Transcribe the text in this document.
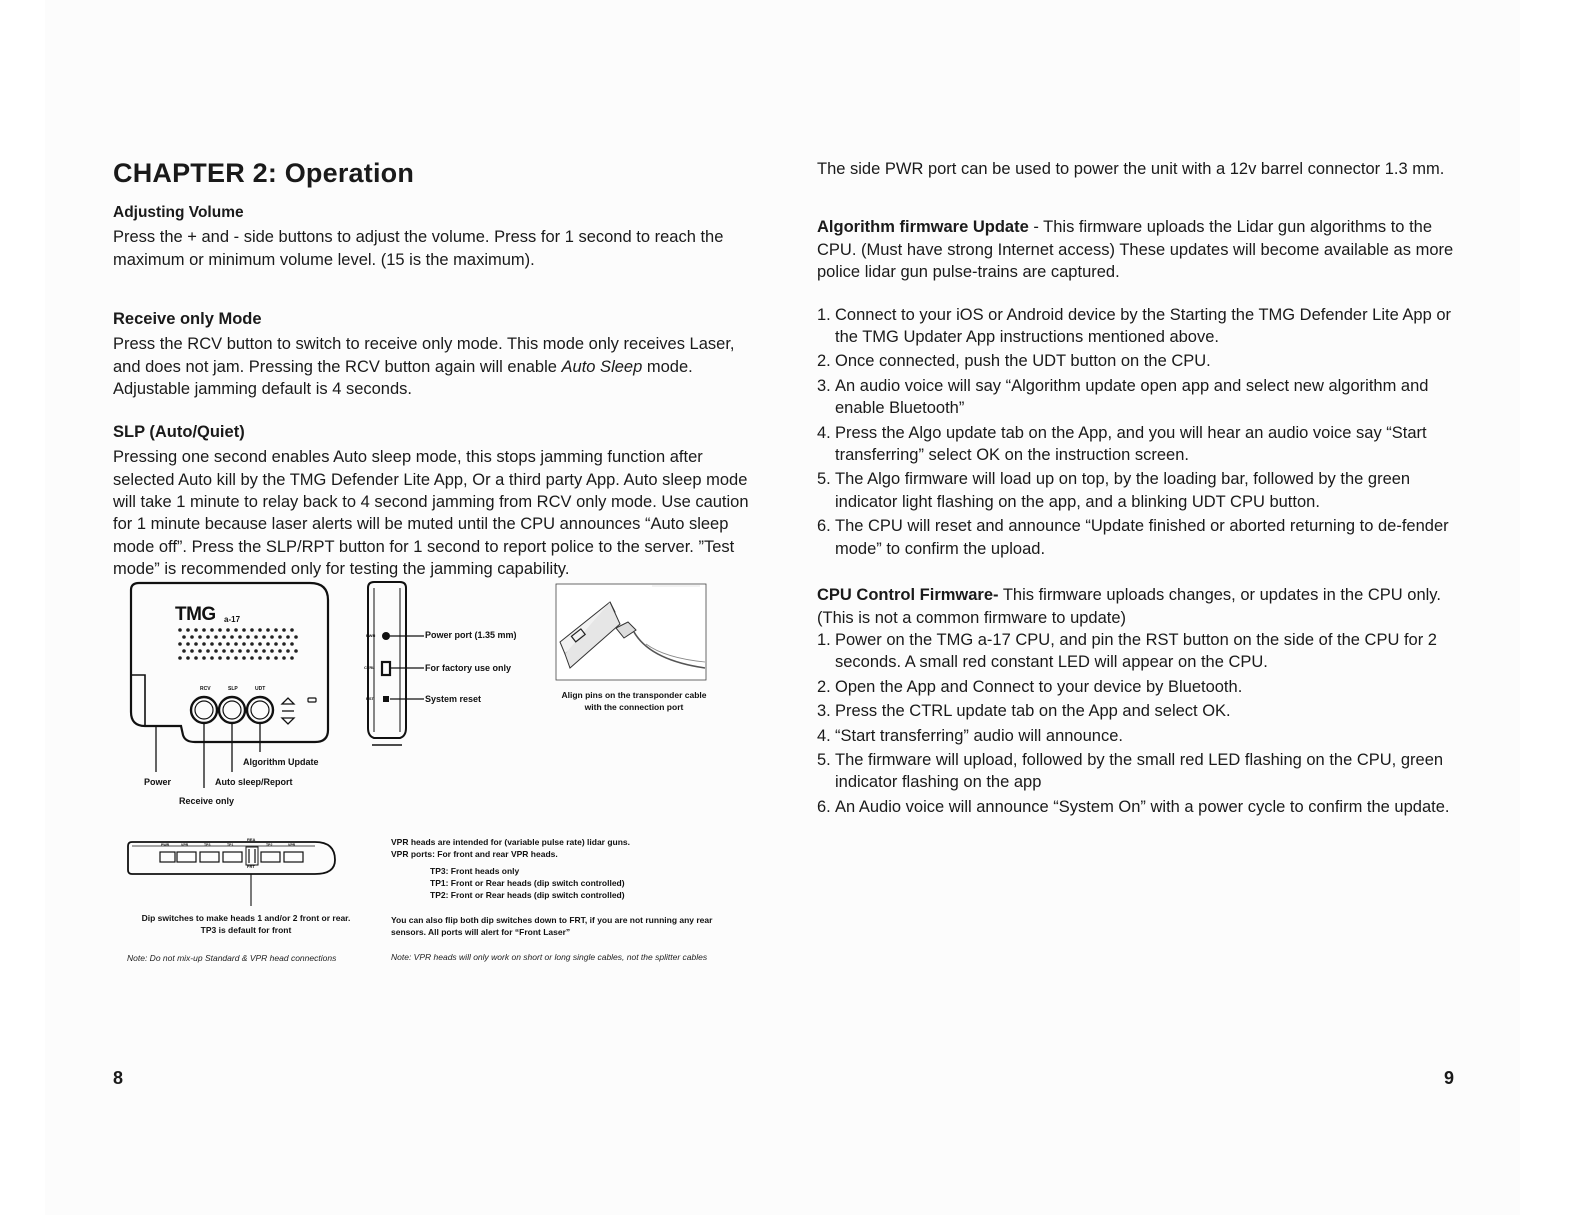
CHAPTER 2: Operation
Adjusting Volume

Press the + and - side buttons to adjust the volume. Press for 1 second to reach the maximum or minimum volume level. (15 is the maximum).

Receive only Mode

Press the RCV button to switch to receive only mode. This mode only receives Laser, and does not jam. Pressing the RCV button again will enable Auto Sleep mode. Adjustable jamming default is 4 seconds.

SLP (Auto/Quiet)

Pressing one second enables Auto sleep mode, this stops jamming function after selected Auto kill by the TMG Defender Lite App, Or a third party App. Auto sleep mode will take 1 minute to relay back to 4 second jamming from RCV only mode. Use caution for 1 minute because laser alerts will be muted until the CPU announces “Auto sleep mode off”. Press the SLP/RPT button for 1 second to report police to the server. ”Test mode” is recommended only for testing the jamming capability.

TMG a-17
RCV	SLP	UDT
Algorithm Update
Power	Auto sleep/Report
Receive only
PWR
CTRL
RST
Power port (1.35 mm)
For factory use only
System reset	Align pins on the transponder cable
with the connection port
PWR	VPR	TP3	TP1	TP2	VPR
REA
FRT
Dip switches to make heads 1 and/or 2 front or rear.
TP3 is default for front
Note: Do not mix-up Standard & VPR head connections
VPR heads are intended for (variable pulse rate) lidar guns.
VPR ports: For front and rear VPR heads.
TP3: Front heads only
TP1: Front or Rear heads (dip switch controlled)
TP2: Front or Rear heads (dip switch controlled)
You can also flip both dip switches down to FRT, if you are not running any rear
sensors. All ports will alert for “Front Laser”
Note: VPR heads will only work on short or long single cables, not the splitter cables

The side PWR port can be used to power the unit with a 12v barrel connector 1.3 mm.

Algorithm firmware Update - This firmware uploads the Lidar gun algorithms to the CPU. (Must have strong Internet access) These updates will become available as more police lidar gun pulse-trains are captured.

1. Connect to your iOS or Android device by the Starting the TMG Defender Lite App or the TMG Updater App instructions mentioned above.
2. Once connected, push the UDT button on the CPU.
3. An audio voice will say “Algorithm update open app and select new algorithm and enable Bluetooth”
4. Press the Algo update tab on the App, and you will hear an audio voice say “Start transferring” select OK on the instruction screen.
5. The Algo firmware will load up on top, by the loading bar, followed by the green indicator light flashing on the app, and a blinking UDT CPU button.
6. The CPU will reset and announce “Update finished or aborted returning to de-fender mode” to confirm the upload.

CPU Control Firmware- This firmware uploads changes, or updates in the CPU only. (This is not a common firmware to update)

1. Power on the TMG a-17 CPU, and pin the RST button on the side of the CPU for 2 seconds. A small red constant LED will appear on the CPU.
2. Open the App and Connect to your device by Bluetooth.
3. Press the CTRL update tab on the App and select OK.
4. “Start transferring” audio will announce.
5. The firmware will upload, followed by the small red LED flashing on the CPU, green indicator flashing on the app
6. An Audio voice will announce “System On” with a power cycle to confirm the update.
8	9
